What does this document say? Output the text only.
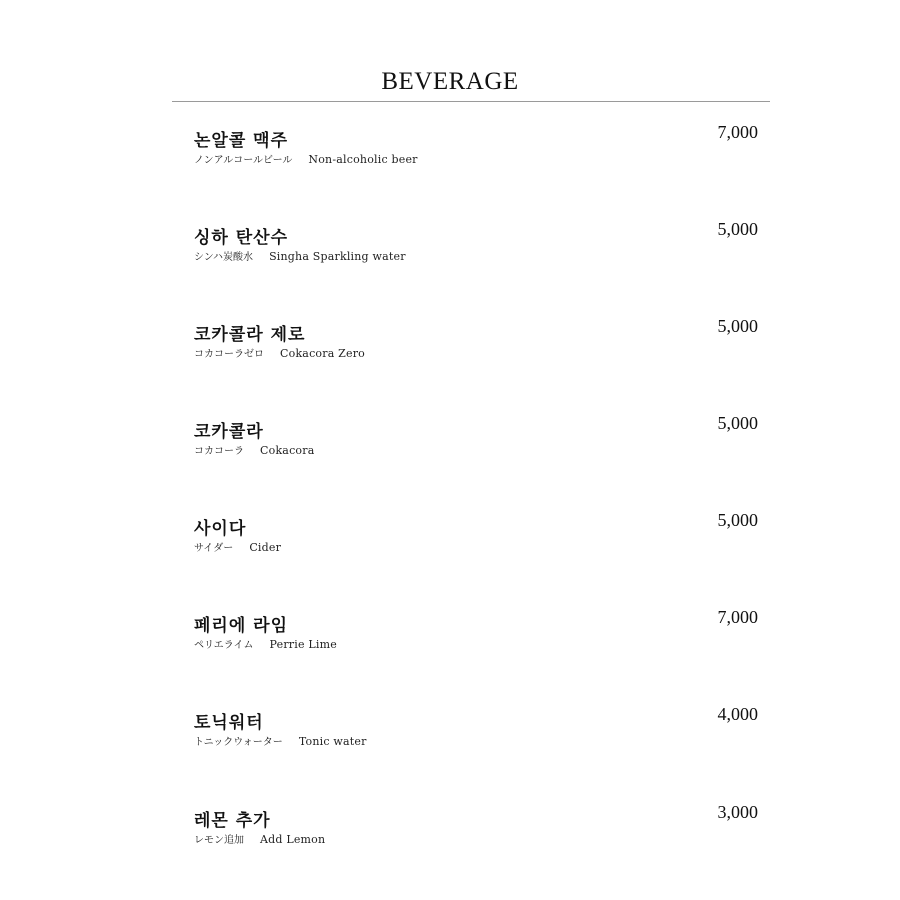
BEVERAGE
논알콜 맥주
ノンアルコールビール Non-alcoholic beer
7,000
싱하 탄산수
シンハ炭酸水 Singha Sparkling water
5,000
코카콜라 제로
コカコーラゼロ Cokacora Zero
5,000
코카콜라
コカコーラ Cokacora
5,000
사이다
サイダー Cider
5,000
페리에 라임
ペリエライム Perrie Lime
7,000
토닉워터
トニックウォーター Tonic water
4,000
레몬 추가
レモン追加 Add Lemon
3,000
